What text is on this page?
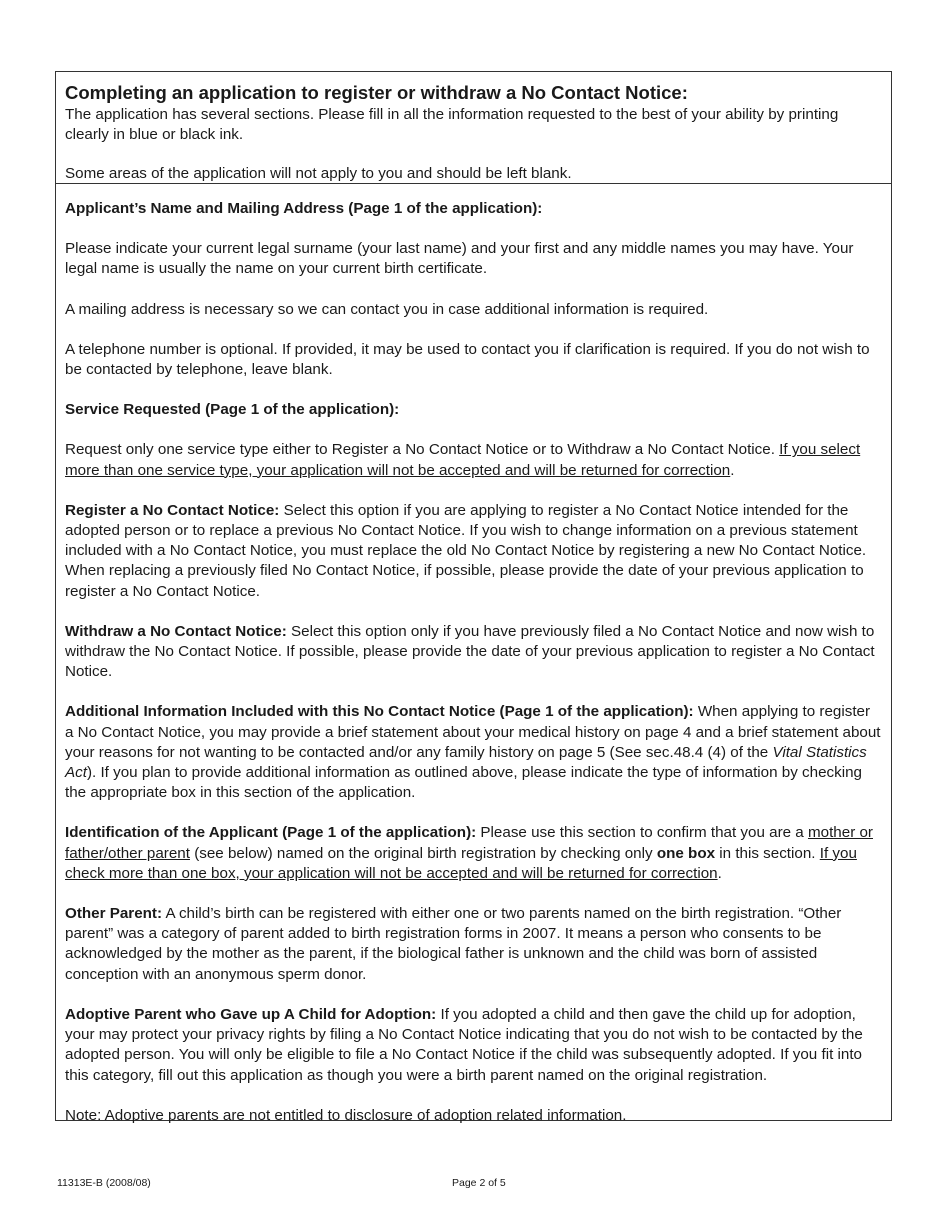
Completing an application to register or withdraw a No Contact Notice:

The application has several sections. Please fill in all the information requested to the best of your ability by printing clearly in blue or black ink.

Some areas of the application will not apply to you and should be left blank.

Applicant’s Name and Mailing Address (Page 1 of the application):

Please indicate your current legal surname (your last name) and your first and any middle names you may have. Your legal name is usually the name on your current birth certificate.

A mailing address is necessary so we can contact you in case additional information is required.

A telephone number is optional. If provided, it may be used to contact you if clarification is required. If you do not wish to be contacted by telephone, leave blank.

Service Requested (Page 1 of the application):

Request only one service type either to Register a No Contact Notice or to Withdraw a No Contact Notice. If you select more than one service type, your application will not be accepted and will be returned for correction.

Register a No Contact Notice: Select this option if you are applying to register a No Contact Notice intended for the adopted person or to replace a previous No Contact Notice. If you wish to change information on a previous statement included with a No Contact Notice, you must replace the old No Contact Notice by registering a new No Contact Notice. When replacing a previously filed No Contact Notice, if possible, please provide the date of your previous application to register a No Contact Notice.

Withdraw a No Contact Notice: Select this option only if you have previously filed a No Contact Notice and now wish to withdraw the No Contact Notice. If possible, please provide the date of your previous application to register a No Contact Notice.

Additional Information Included with this No Contact Notice (Page 1 of the application): When applying to register a No Contact Notice, you may provide a brief statement about your medical history on page 4 and a brief statement about your reasons for not wanting to be contacted and/or any family history on page 5 (See sec.48.4 (4) of the Vital Statistics Act). If you plan to provide additional information as outlined above, please indicate the type of information by checking the appropriate box in this section of the application.

Identification of the Applicant (Page 1 of the application): Please use this section to confirm that you are a mother or father/other parent (see below) named on the original birth registration by checking only one box in this section. If you check more than one box, your application will not be accepted and will be returned for correction.

Other Parent: A child’s birth can be registered with either one or two parents named on the birth registration. “Other parent” was a category of parent added to birth registration forms in 2007. It means a person who consents to be acknowledged by the mother as the parent, if the biological father is unknown and the child was born of assisted conception with an anonymous sperm donor.

Adoptive Parent who Gave up A Child for Adoption: If you adopted a child and then gave the child up for adoption, your may protect your privacy rights by filing a No Contact Notice indicating that you do not wish to be contacted by the adopted person. You will only be eligible to file a No Contact Notice if the child was subsequently adopted. If you fit into this category, fill out this application as though you were a birth parent named on the original registration.

Note: Adoptive parents are not entitled to disclosure of adoption related information.

11313E-B (2008/08)	Page 2 of 5
